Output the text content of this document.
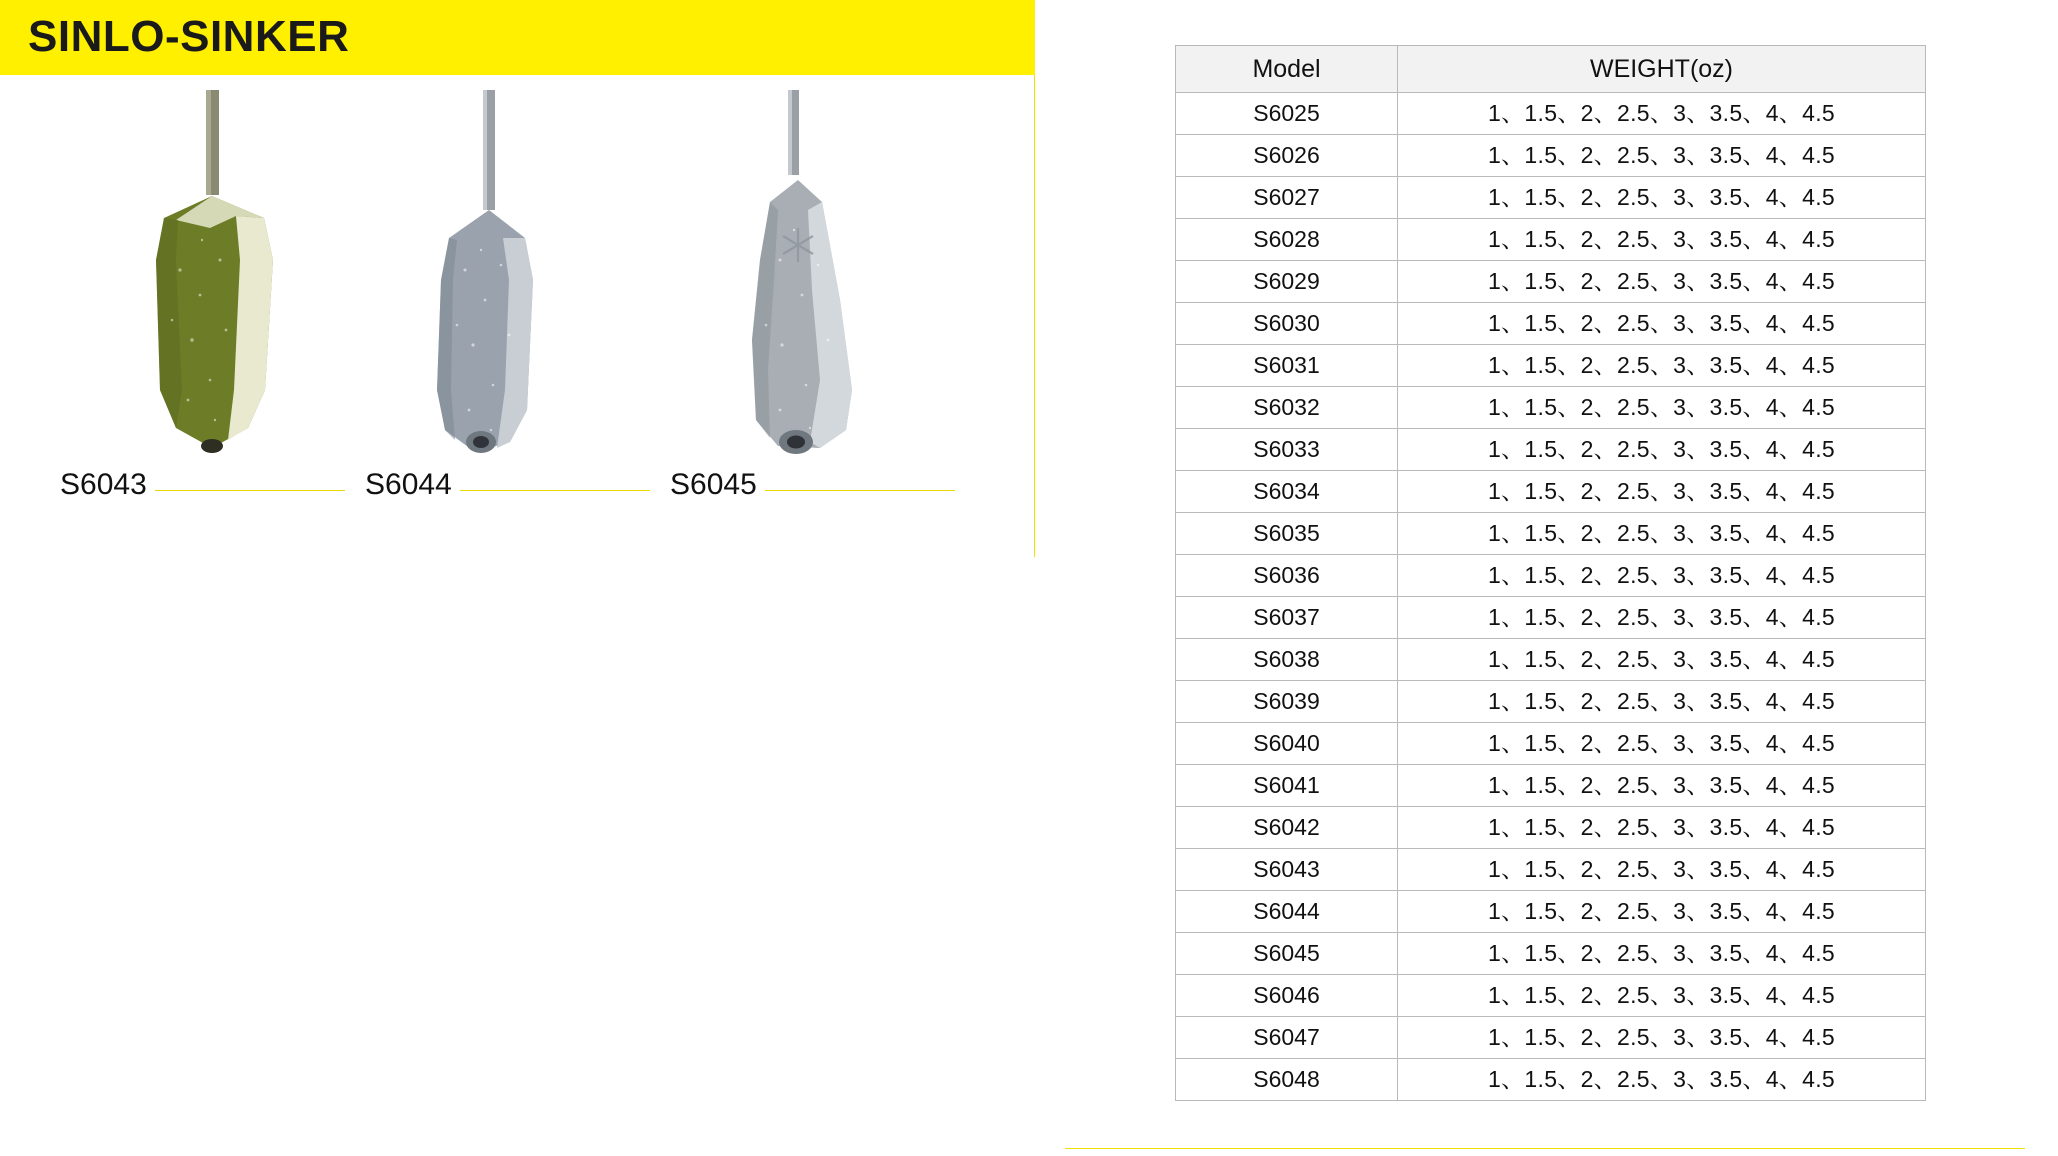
SINLO-SINKER
S6043	S6044	S6045
Model	WEIGHT(oz)
S6025	1、1.5、2、2.5、3、3.5、4、4.5
S6026	1、1.5、2、2.5、3、3.5、4、4.5
S6027	1、1.5、2、2.5、3、3.5、4、4.5
S6028	1、1.5、2、2.5、3、3.5、4、4.5
S6029	1、1.5、2、2.5、3、3.5、4、4.5
S6030	1、1.5、2、2.5、3、3.5、4、4.5
S6031	1、1.5、2、2.5、3、3.5、4、4.5
S6032	1、1.5、2、2.5、3、3.5、4、4.5
S6033	1、1.5、2、2.5、3、3.5、4、4.5
S6034	1、1.5、2、2.5、3、3.5、4、4.5
S6035	1、1.5、2、2.5、3、3.5、4、4.5
S6036	1、1.5、2、2.5、3、3.5、4、4.5
S6037	1、1.5、2、2.5、3、3.5、4、4.5
S6038	1、1.5、2、2.5、3、3.5、4、4.5
S6039	1、1.5、2、2.5、3、3.5、4、4.5
S6040	1、1.5、2、2.5、3、3.5、4、4.5
S6041	1、1.5、2、2.5、3、3.5、4、4.5
S6042	1、1.5、2、2.5、3、3.5、4、4.5
S6043	1、1.5、2、2.5、3、3.5、4、4.5
S6044	1、1.5、2、2.5、3、3.5、4、4.5
S6045	1、1.5、2、2.5、3、3.5、4、4.5
S6046	1、1.5、2、2.5、3、3.5、4、4.5
S6047	1、1.5、2、2.5、3、3.5、4、4.5
S6048	1、1.5、2、2.5、3、3.5、4、4.5
